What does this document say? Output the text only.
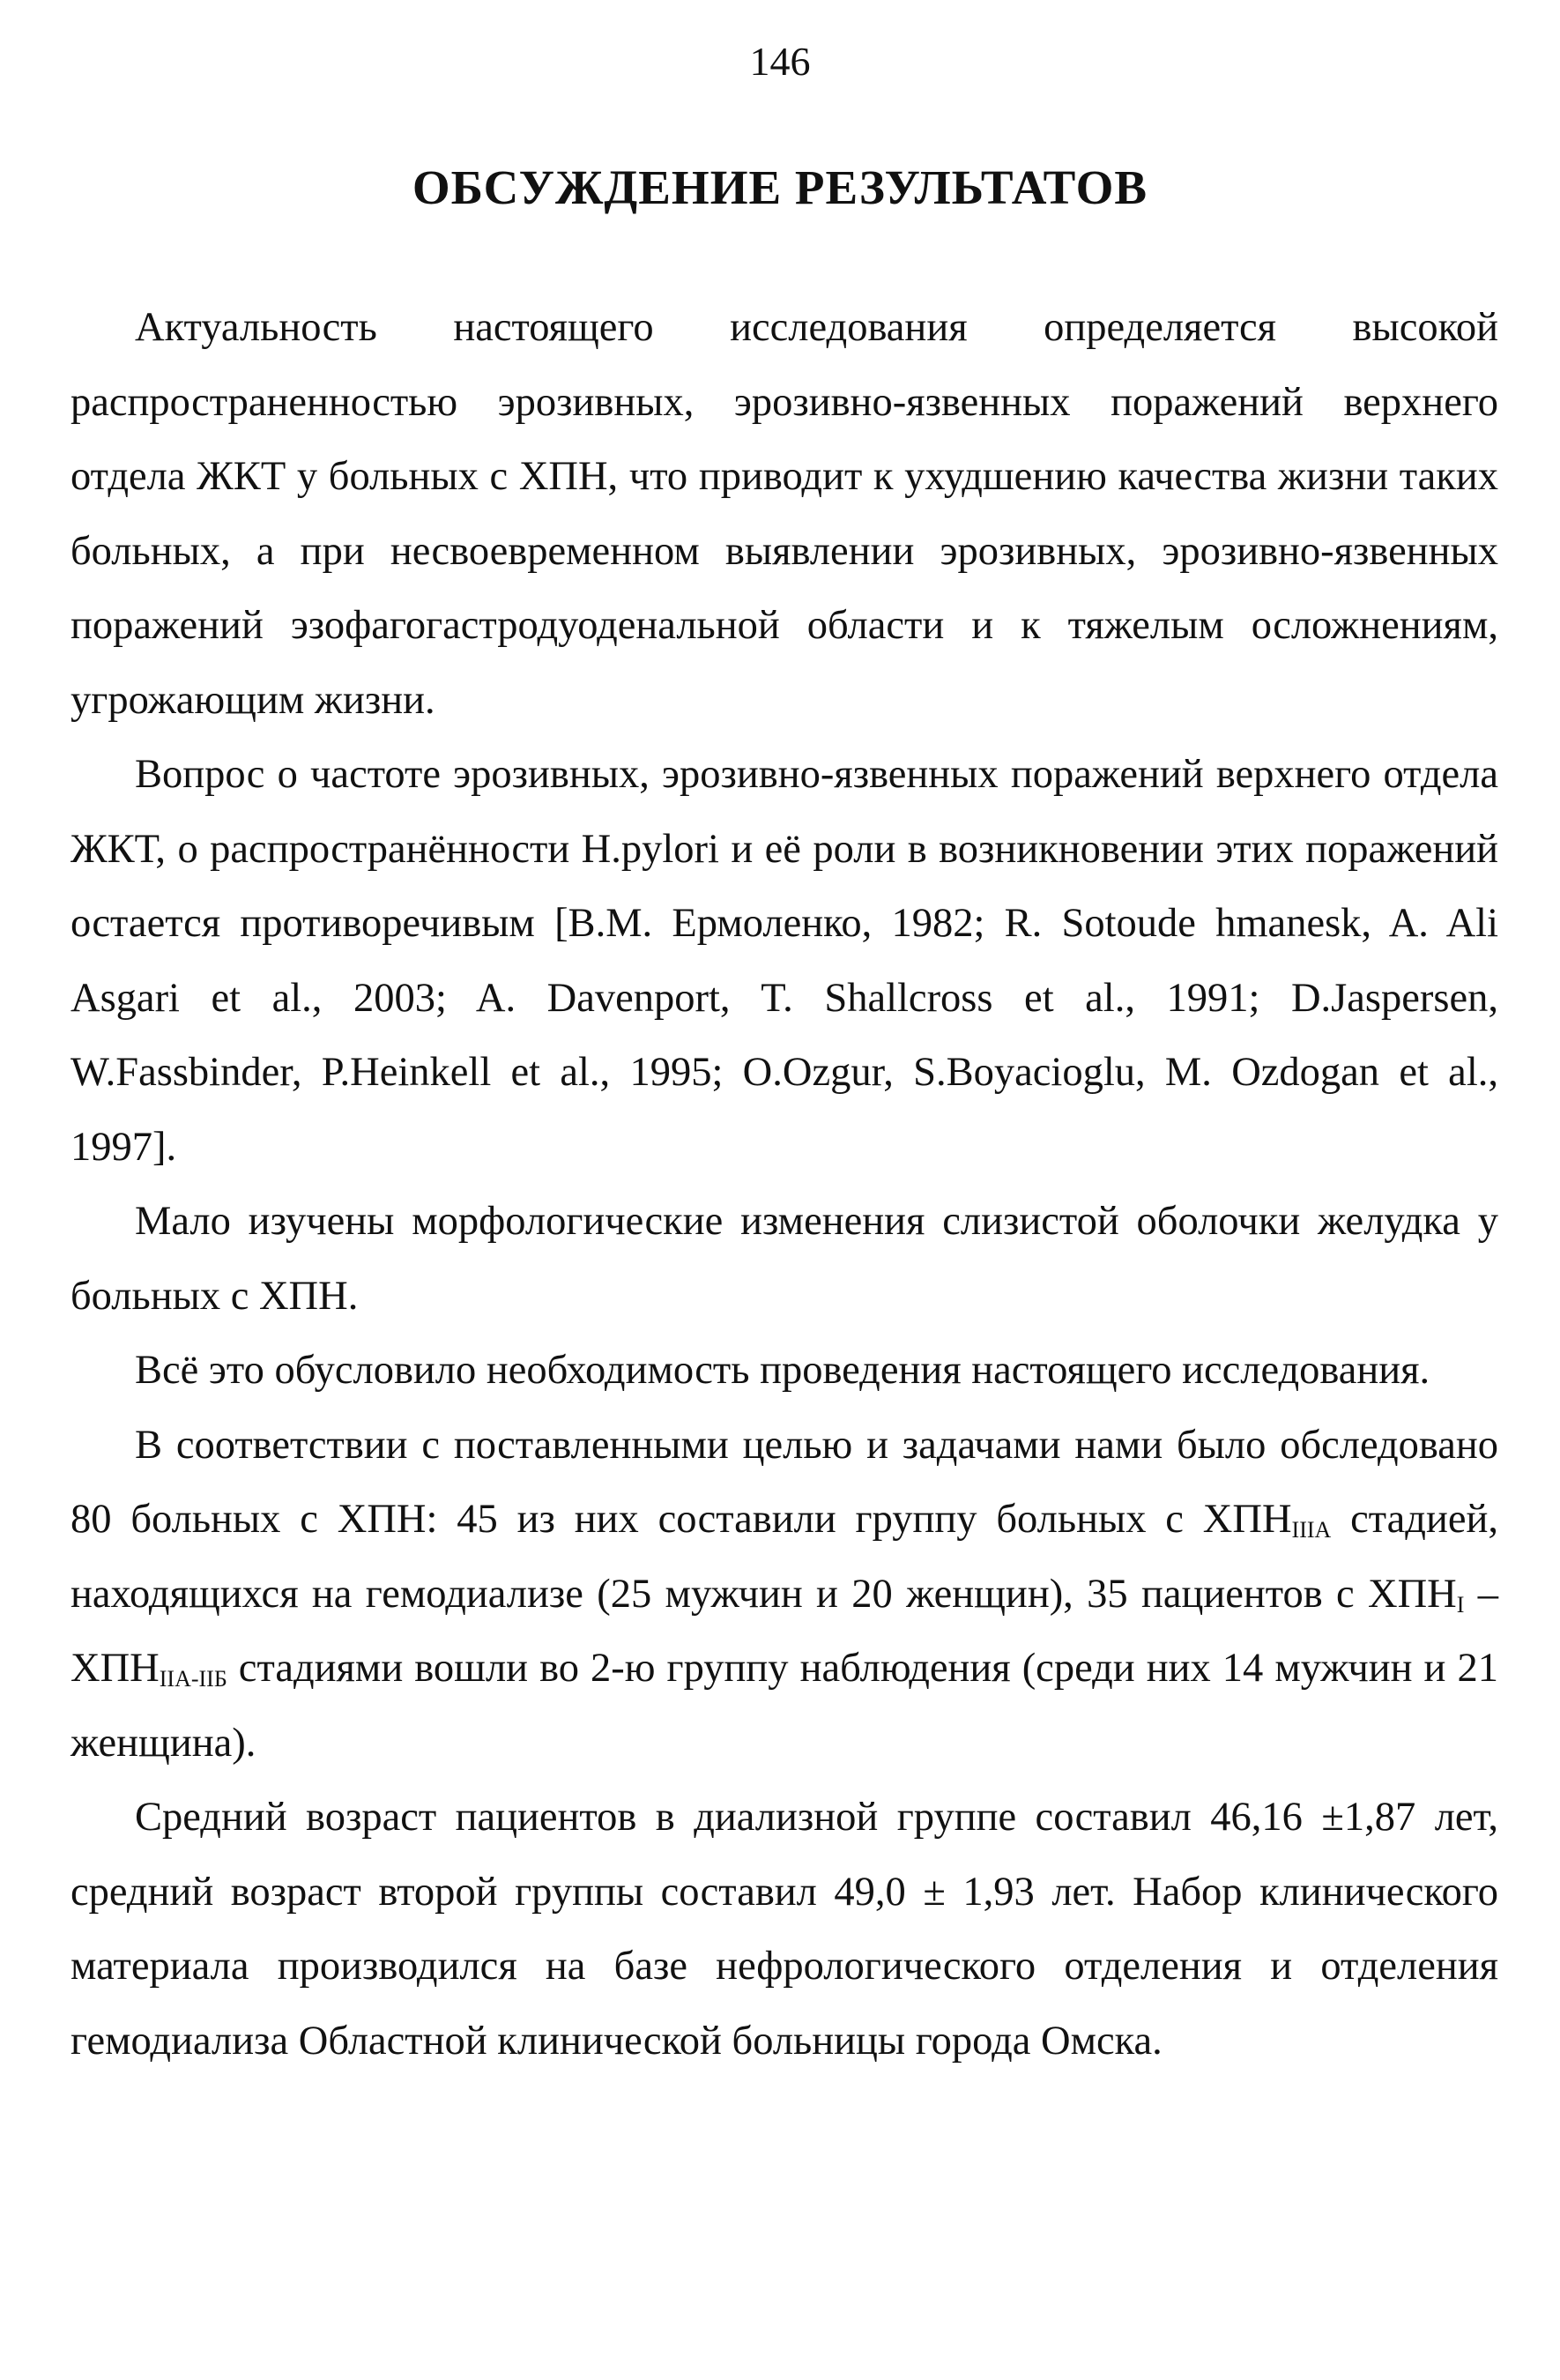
146
ОБСУЖДЕНИЕ РЕЗУЛЬТАТОВ

Актуальность настоящего исследования определяется высокой распространенностью эрозивных, эрозивно-язвенных поражений верхнего отдела ЖКТ у больных с ХПН, что приводит к ухудшению качества жизни таких больных, а при несвоевременном выявлении эрозивных, эрозивно-язвенных поражений эзофагогастродуоденальной области и к тяжелым осложнениям, угрожающим жизни.

Вопрос о частоте эрозивных, эрозивно-язвенных поражений верхнего отдела ЖКТ, о распространённости H.pylori и её роли в возникновении этих поражений остается противоречивым [В.М. Ермоленко, 1982; R. Sotoude hmanesk, A. Ali Asgari et al., 2003; A. Davenport, T. Shallcross et al., 1991; D.Jaspersen, W.Fassbinder, P.Heinkell et al., 1995; O.Ozgur, S.Boyacioglu, M. Ozdogan et al., 1997].

Мало изучены морфологические изменения слизистой оболочки желудка у больных с ХПН.

Всё это обусловило необходимость проведения настоящего исследования.

В соответствии с поставленными целью и задачами нами было обследовано 80 больных с ХПН: 45 из них составили группу больных с $ХПН_{IIIA}$ стадией, находящихся на гемодиализе (25 мужчин и 20 женщин), 35 пациентов с $ХПН_I - ХПН_{IIA-IIБ}$ стадиями вошли во 2-ю группу наблюдения (среди них 14 мужчин и 21 женщина).

Средний возраст пациентов в диализной группе составил 46,16 ±1,87 лет, средний возраст второй группы составил 49,0 ± 1,93 лет. Набор клинического материала производился на базе нефрологического отделения и отделения гемодиализа Областной клинической больницы города Омска.
